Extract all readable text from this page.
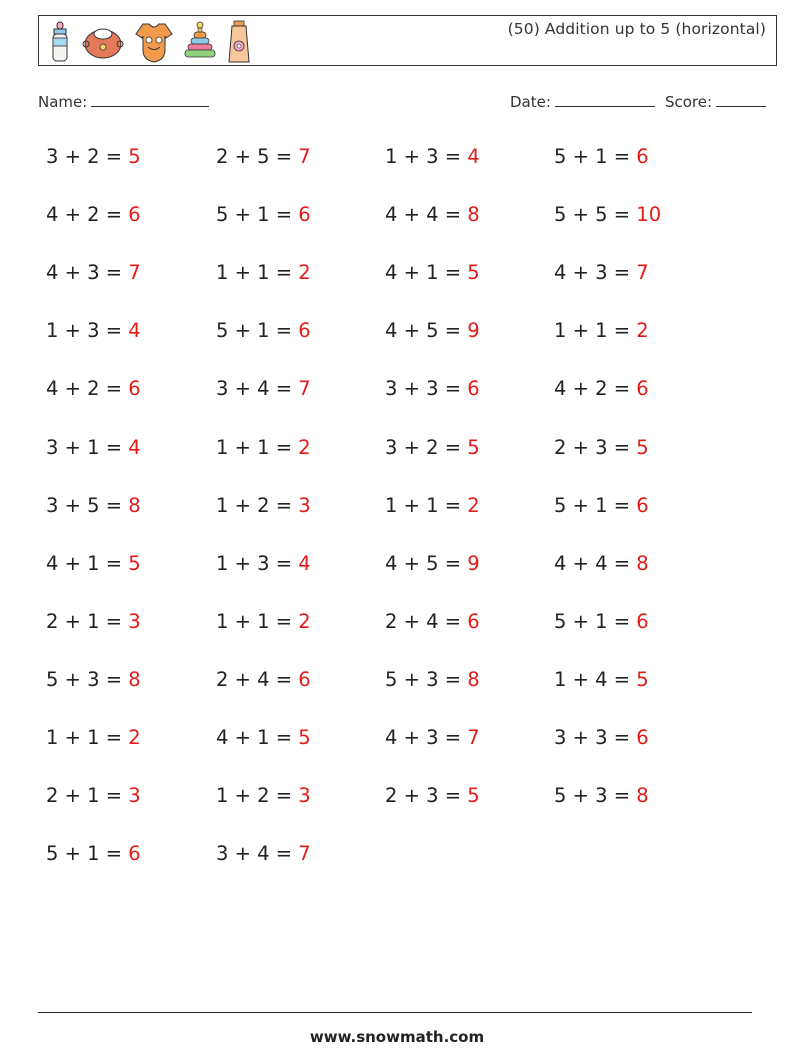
(50) Addition up to 5 (horizontal)
Name:	Date:	Score:
3 + 2 = 5	2 + 5 = 7	1 + 3 = 4	5 + 1 = 6
4 + 2 = 6	5 + 1 = 6	4 + 4 = 8	5 + 5 = 10
4 + 3 = 7	1 + 1 = 2	4 + 1 = 5	4 + 3 = 7
1 + 3 = 4	5 + 1 = 6	4 + 5 = 9	1 + 1 = 2
4 + 2 = 6	3 + 4 = 7	3 + 3 = 6	4 + 2 = 6
3 + 1 = 4	1 + 1 = 2	3 + 2 = 5	2 + 3 = 5
3 + 5 = 8	1 + 2 = 3	1 + 1 = 2	5 + 1 = 6
4 + 1 = 5	1 + 3 = 4	4 + 5 = 9	4 + 4 = 8
2 + 1 = 3	1 + 1 = 2	2 + 4 = 6	5 + 1 = 6
5 + 3 = 8	2 + 4 = 6	5 + 3 = 8	1 + 4 = 5
1 + 1 = 2	4 + 1 = 5	4 + 3 = 7	3 + 3 = 6
2 + 1 = 3	1 + 2 = 3	2 + 3 = 5	5 + 3 = 8
5 + 1 = 6	3 + 4 = 7
www.snowmath.com
